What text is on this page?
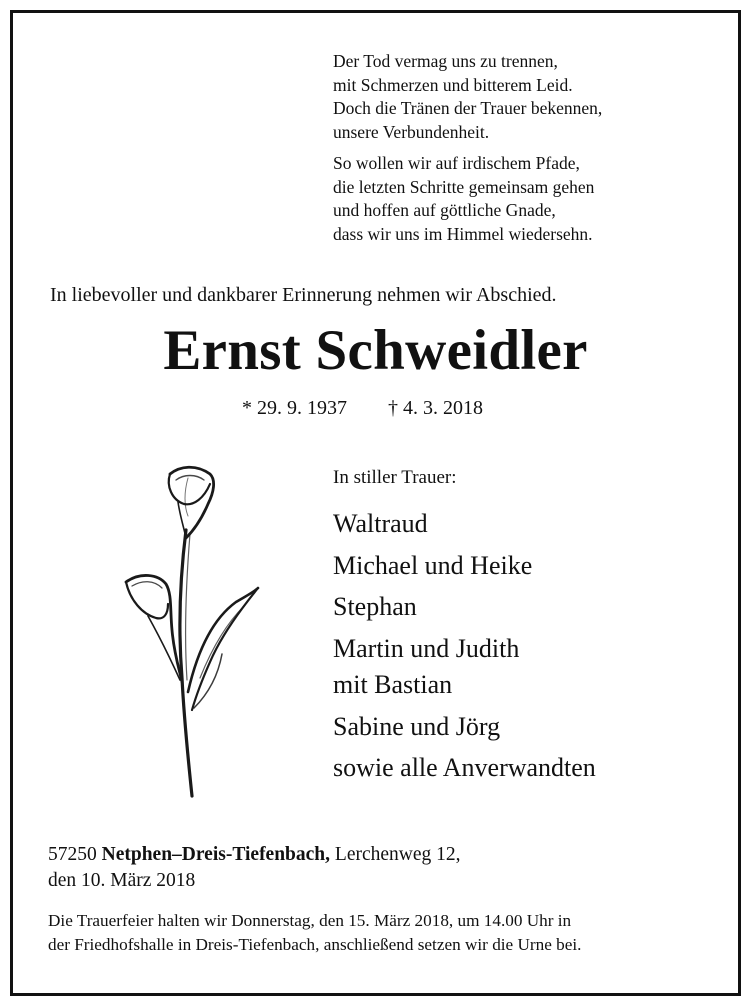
Der Tod vermag uns zu trennen,
mit Schmerzen und bitterem Leid.
Doch die Tränen der Trauer bekennen,
unsere Verbundenheit.
So wollen wir auf irdischem Pfade,
die letzten Schritte gemeinsam gehen
und hoffen auf göttliche Gnade,
dass wir uns im Himmel wiedersehn.
In liebevoller und dankbarer Erinnerung nehmen wir Abschied.
Ernst Schweidler
* 29. 9. 1937 † 4. 3. 2018
In stiller Trauer:
Waltraud
Michael und Heike
Stephan
Martin und Judith
mit Bastian
Sabine und Jörg
sowie alle Anverwandten
57250 Netphen–Dreis-Tiefenbach, Lerchenweg 12,
den 10. März 2018
Die Trauerfeier halten wir Donnerstag, den 15. März 2018, um 14.00 Uhr in
der Friedhofshalle in Dreis-Tiefenbach, anschließend setzen wir die Urne bei.
